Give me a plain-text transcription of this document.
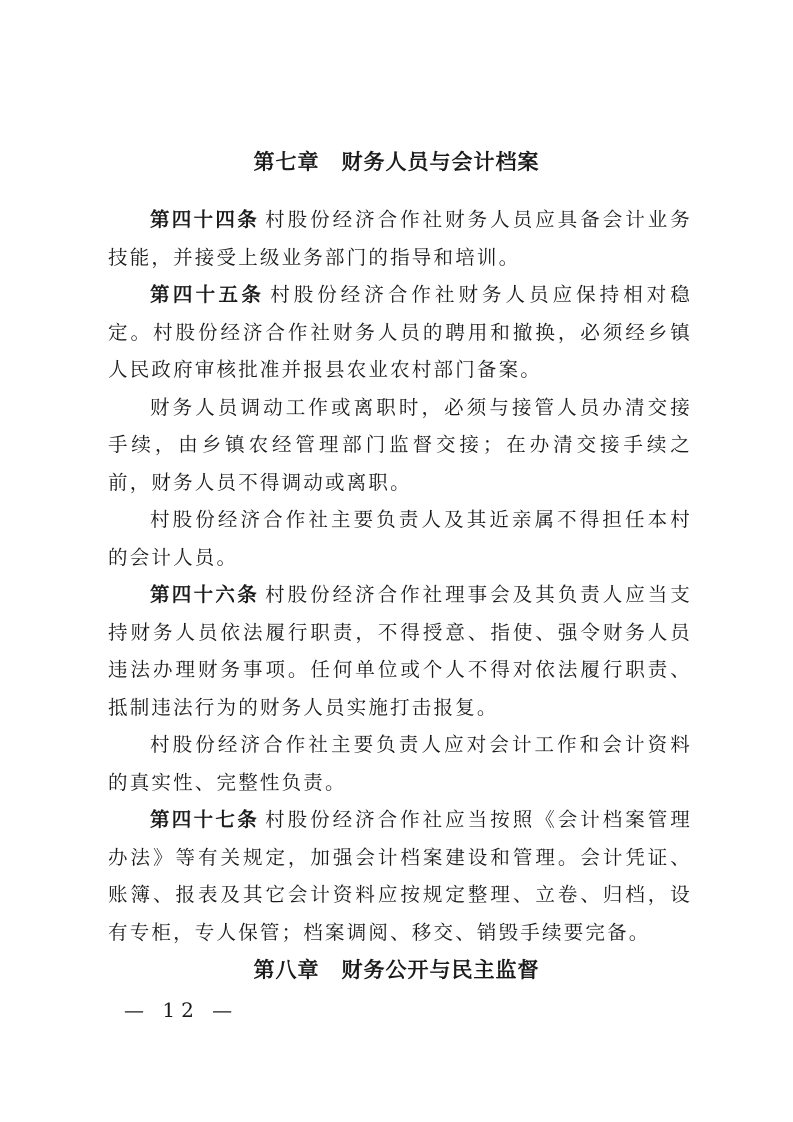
第七章　财务人员与会计档案

第四十四条 村股份经济合作社财务人员应具备会计业务技能，并接受上级业务部门的指导和培训。

第四十五条 村股份经济合作社财务人员应保持相对稳定。村股份经济合作社财务人员的聘用和撤换，必须经乡镇人民政府审核批准并报县农业农村部门备案。

财务人员调动工作或离职时，必须与接管人员办清交接手续，由乡镇农经管理部门监督交接；在办清交接手续之前，财务人员不得调动或离职。

村股份经济合作社主要负责人及其近亲属不得担任本村的会计人员。

第四十六条 村股份经济合作社理事会及其负责人应当支持财务人员依法履行职责，不得授意、指使、强令财务人员违法办理财务事项。任何单位或个人不得对依法履行职责、抵制违法行为的财务人员实施打击报复。

村股份经济合作社主要负责人应对会计工作和会计资料的真实性、完整性负责。

第四十七条 村股份经济合作社应当按照《会计档案管理办法》等有关规定，加强会计档案建设和管理。会计凭证、账簿、报表及其它会计资料应按规定整理、立卷、归档，设有专柜，专人保管；档案调阅、移交、销毁手续要完备。

第八章　财务公开与民主监督
— 12 —
